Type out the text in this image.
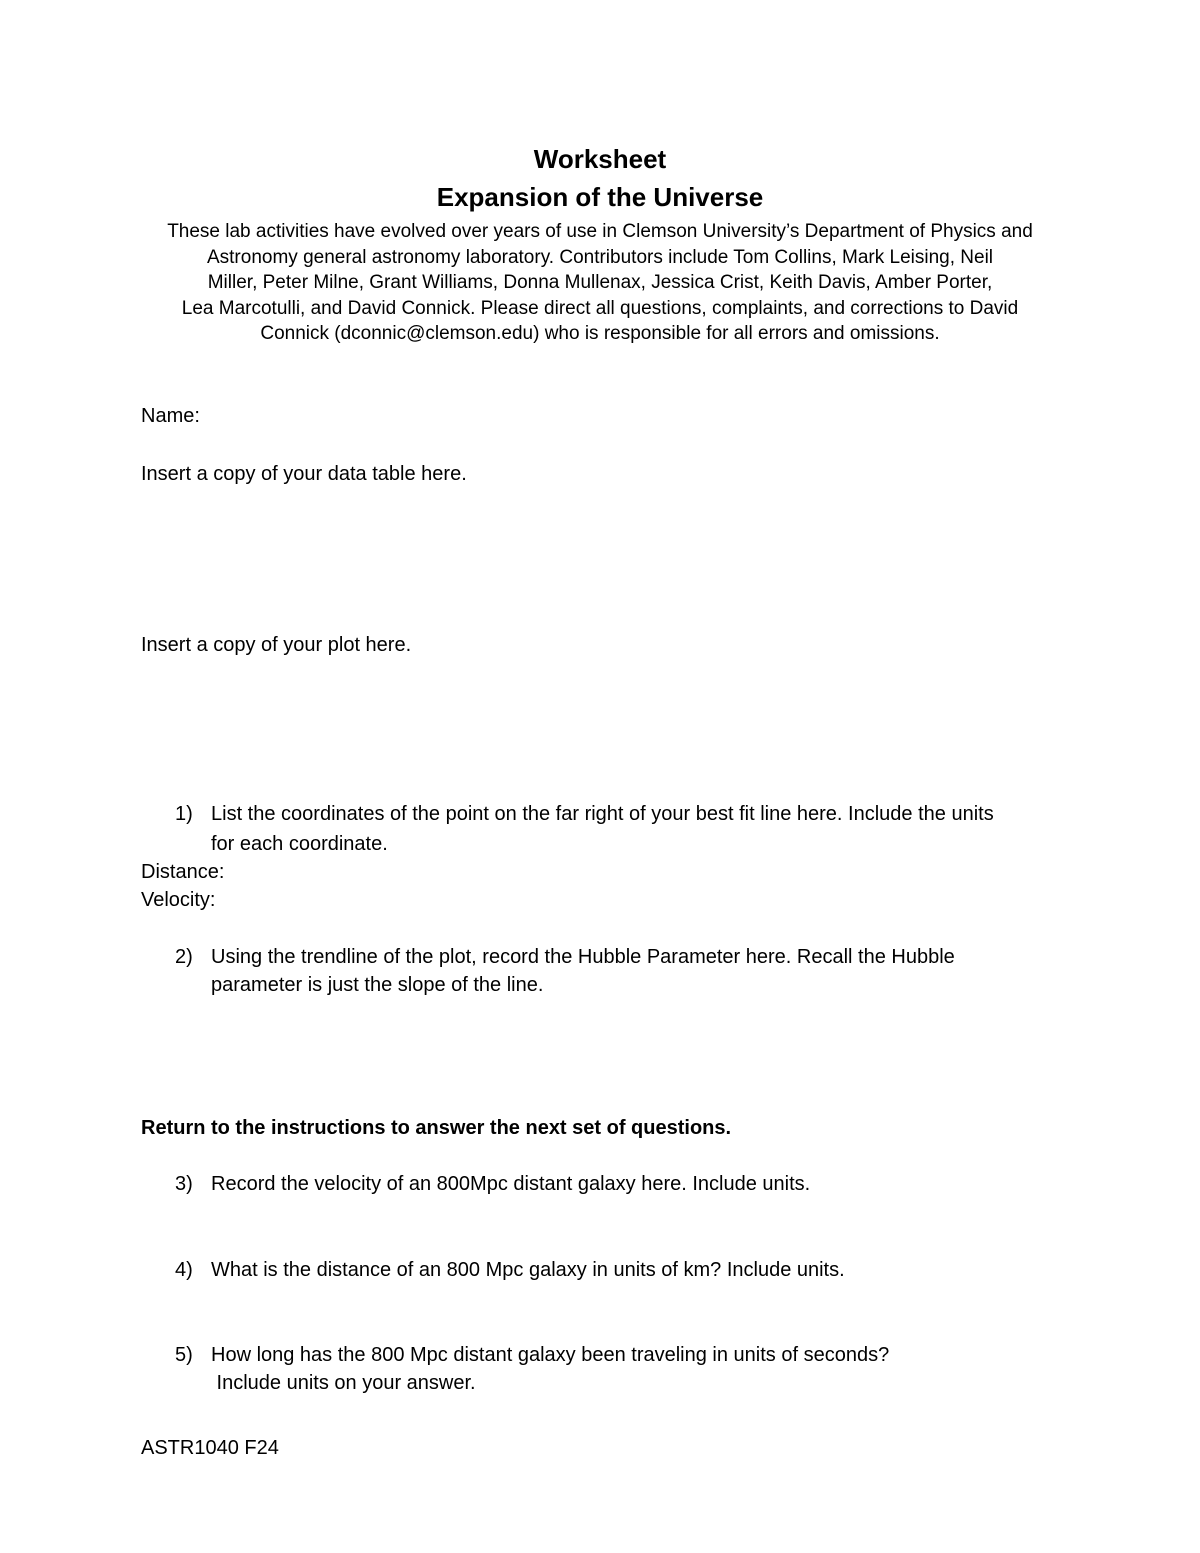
Worksheet
Expansion of the Universe
These lab activities have evolved over years of use in Clemson University’s Department of Physics and
Astronomy general astronomy laboratory. Contributors include Tom Collins, Mark Leising, Neil
Miller, Peter Milne, Grant Williams, Donna Mullenax, Jessica Crist, Keith Davis, Amber Porter,
Lea Marcotulli, and David Connick. Please direct all questions, complaints, and corrections to David
Connick (dconnic@clemson.edu) who is responsible for all errors and omissions.
Name:
Insert a copy of your data table here.
Insert a copy of your plot here.
1) List the coordinates of the point on the far right of your best fit line here. Include the units
for each coordinate.
Distance:
Velocity:
2) Using the trendline of the plot, record the Hubble Parameter here. Recall the Hubble
parameter is just the slope of the line.
Return to the instructions to answer the next set of questions.
3) Record the velocity of an 800Mpc distant galaxy here. Include units.
4) What is the distance of an 800 Mpc galaxy in units of km? Include units.
5) How long has the 800 Mpc distant galaxy been traveling in units of seconds?
Include units on your answer.
ASTR1040 F24
